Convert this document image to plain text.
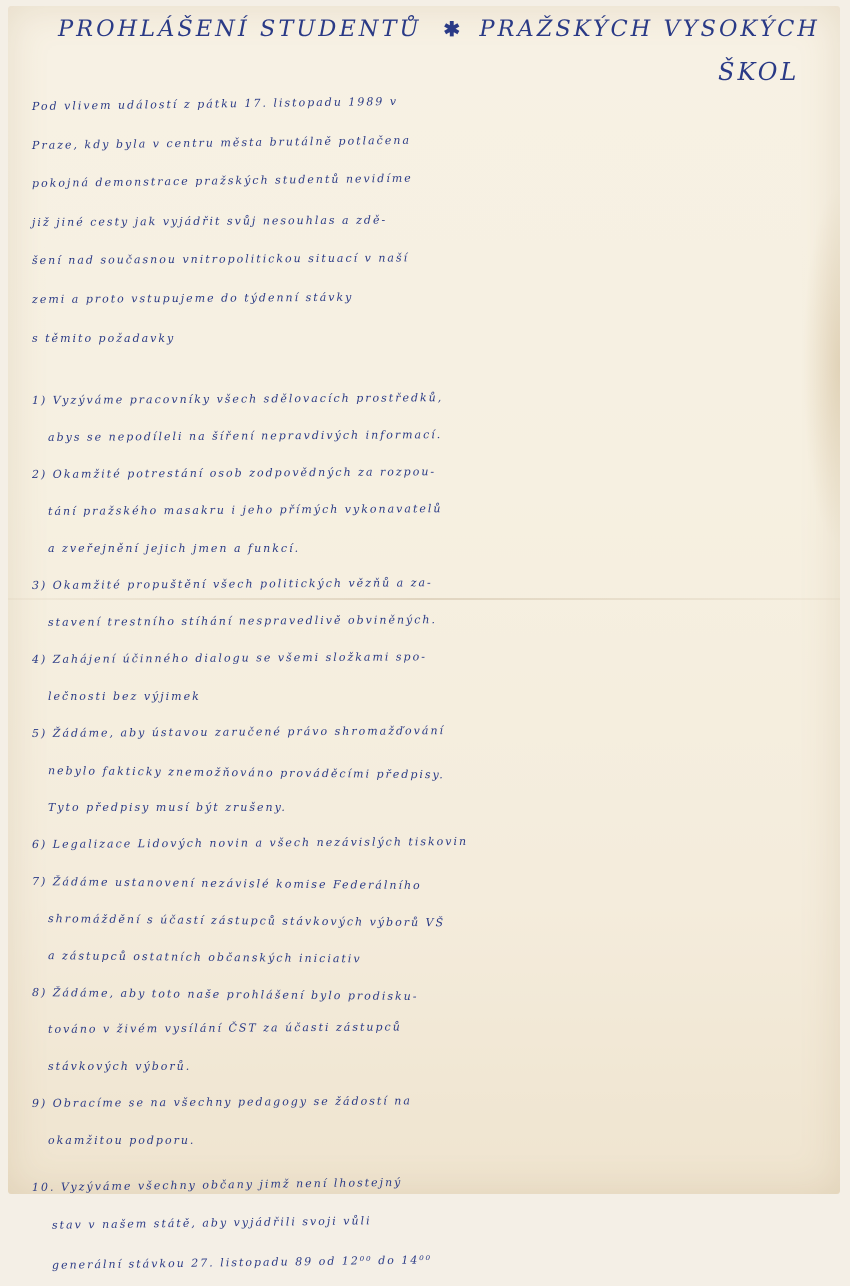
PROHLÁŠENÍ STUDENTŮ ✱ PRAŽSKÝCH VYSOKÝCH
ŠKOL
Pod vlivem událostí z pátku 17. listopadu 1989 v
Praze, kdy byla v centru města brutálně potlačena
pokojná demonstrace pražských studentů nevidíme
již jiné cesty jak vyjádřit svůj nesouhlas a zdě-
šení nad současnou vnitropolitickou situací v naší
zemi a proto vstupujeme do týdenní stávky
s těmito požadavky
1) Vyzýváme pracovníky všech sdělovacích prostředků,
abys se nepodíleli na šíření nepravdivých informací.
2) Okamžité potrestání osob zodpovědných za rozpou-
tání pražského masakru i jeho přímých vykonavatelů
a zveřejnění jejich jmen a funkcí.
3) Okamžité propuštění všech politických vězňů a za-
stavení trestního stíhání nespravedlivě obviněných.
4) Zahájení účinného dialogu se všemi složkami spo-
lečnosti bez výjimek
5) Žádáme, aby ústavou zaručené právo shromažďování
nebylo fakticky znemožňováno prováděcími předpisy.
Tyto předpisy musí být zrušeny.
6) Legalizace Lidových novin a všech nezávislých tiskovin
7) Žádáme ustanovení nezávislé komise Federálního
shromáždění s účastí zástupců stávkových výborů VŠ
a zástupců ostatních občanských iniciativ
8) Žádáme, aby toto naše prohlášení bylo prodisku-
továno v živém vysílání ČST za účasti zástupců
stávkových výborů.
9) Obracíme se na všechny pedagogy se žádostí na
okamžitou podporu.
10. Vyzýváme všechny občany jimž není lhostejný
stav v našem státě, aby vyjádřili svoji vůli
generální stávkou 27. listopadu 89 od 12⁰⁰ do 14⁰⁰
